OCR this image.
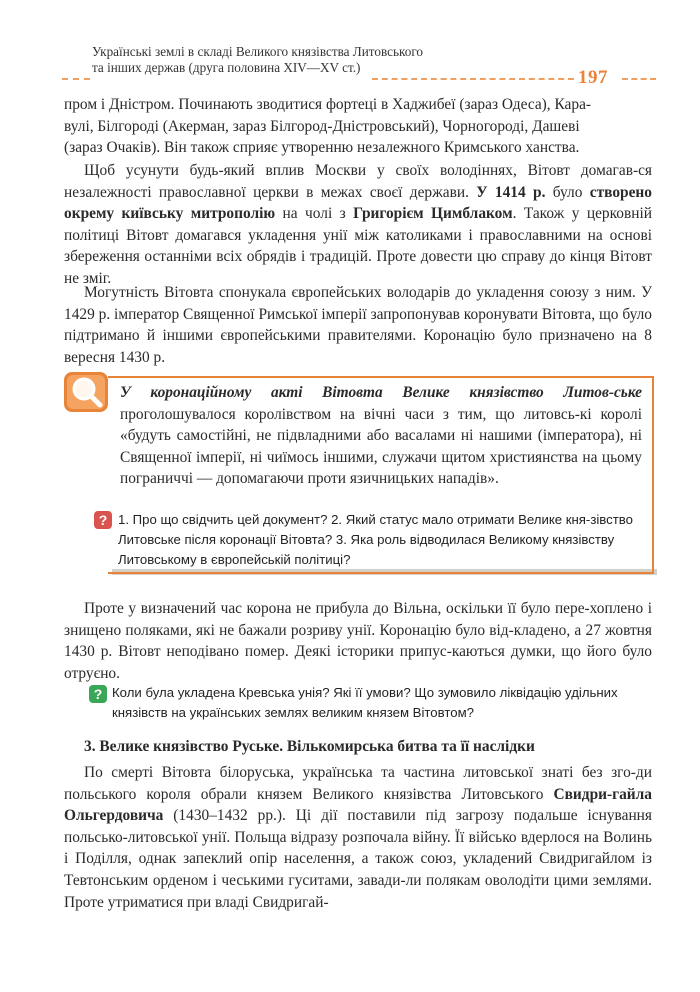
Українські землі в складі Великого князівства Литовського
та інших держав (друга половина XIV—XV ст.)	197
пром і Дністром. Починають зводитися фортеці в Хаджибеї (зараз Одеса), Кара-
вулі, Білгороді (Акерман, зараз Білгород-Дністровський), Чорногороді, Дашеві
(зараз Очаків). Він також сприяє утворенню незалежного Кримського ханства.
Щоб усунути будь-який вплив Москви у своїх володіннях, Вітовт домагав-ся незалежності православної церкви в межах своєї держави. У 1414 р. було створено окрему київську митрополію на чолі з Григорієм Цимблаком. Також у церковній політиці Вітовт домагався укладення унії між католиками і православними на основі збереження останніми всіх обрядів і традицій. Проте довести цю справу до кінця Вітовт не зміг.
Могутність Вітовта спонукала європейських володарів до укладення союзу з ним. У 1429 р. імператор Священної Римської імперії запропонував коронувати Вітовта, що було підтримано й іншими європейськими правителями. Коронацію було призначено на 8 вересня 1430 р.
У коронаційному акті Вітовта Велике князівство Литов-ське проголошувалося королівством на вічні часи з тим, що литовсь-кі королі «будуть самостійні, не підвладними або васалами ні нашими (імператора), ні Священної імперії, ні чиїмось іншими, служачи щитом християнства на цьому пограниччі — допомагаючи проти язичницьких нападів».
? 1. Про що свідчить цей документ? 2. Який статус мало отримати Велике кня-зівство Литовське після коронації Вітовта? 3. Яка роль відводилася Великому князівству Литовському в європейській політиці?
Проте у визначений час корона не прибула до Вільна, оскільки її було пере-хоплено і знищено поляками, які не бажали розриву унії. Коронацію було від-кладено, а 27 жовтня 1430 р. Вітовт неподівано помер. Деякі історики припус-каються думки, що його було отруєно.
? Коли була укладена Кревська унія? Які її умови? Що зумовило ліквідацію удільних князівств на українських землях великим князем Вітовтом?
3. Велике князівство Руське. Вількомирська битва та її наслідки
По смерті Вітовта білоруська, українська та частина литовської знаті без зго-ди польського короля обрали князем Великого князівства Литовського Свидри-гайла Ольгердовича (1430–1432 рр.). Ці дії поставили під загрозу подальше існування польсько-литовської унії. Польща відразу розпочала війну. Її військо вдерлося на Волинь і Поділля, однак запеклий опір населення, а також союз, укладений Свидригайлом із Тевтонським орденом і чеськими гуситами, завади-ли полякам оволодіти цими землями. Проте утриматися при владі Свидригай-
